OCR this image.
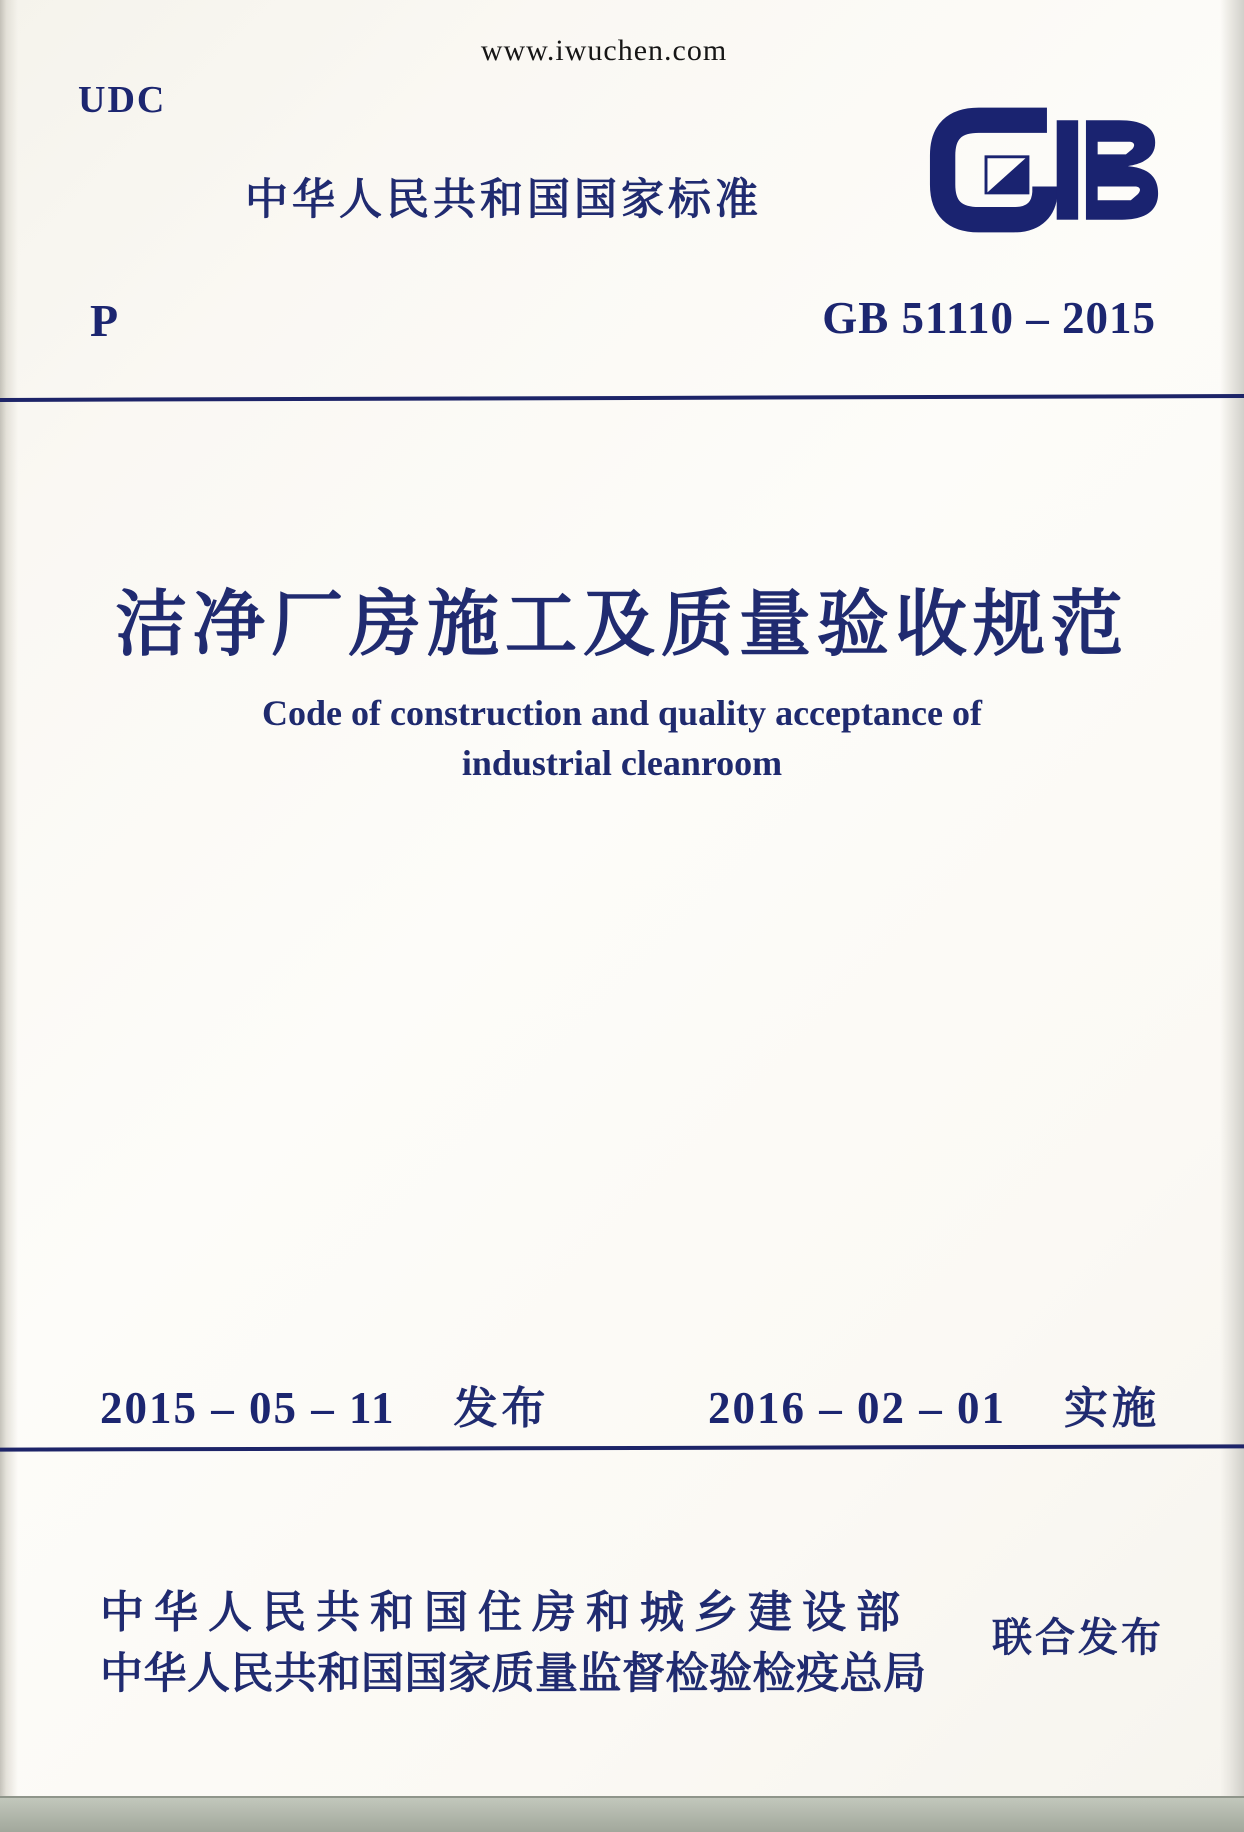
www.iwuchen.com
UDC
中华人民共和国国家标准
P	GB 51110 – 2015
洁净厂房施工及质量验收规范
Code of construction and quality acceptance of
industrial cleanroom
2015 – 05 – 11 发布	2016 – 02 – 01 实施
中华人民共和国住房和城乡建设部
中华人民共和国国家质量监督检验检疫总局
联合发布
